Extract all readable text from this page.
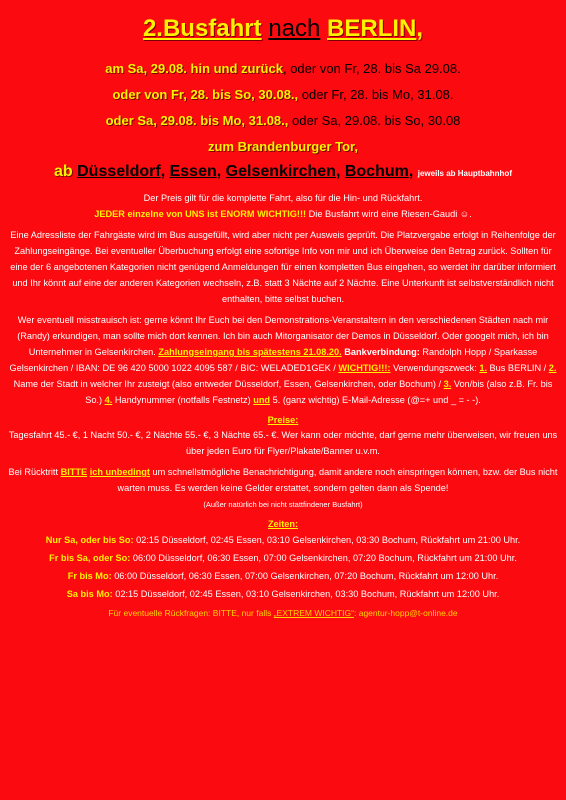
2.Busfahrt nach BERLIN,
am Sa, 29.08. hin und zurück, oder von Fr, 28. bis Sa 29.08.
oder von Fr, 28. bis So, 30.08., oder Fr, 28. bis Mo, 31.08.
oder Sa, 29.08. bis Mo, 31.08., oder Sa, 29.08. bis So, 30.08
zum Brandenburger Tor,
ab Düsseldorf, Essen, Gelsenkirchen, Bochum, jeweils ab Hauptbahnhof

Der Preis gilt für die komplette Fahrt, also für die Hin- und Rückfahrt.
JEDER einzelne von UNS ist ENORM WICHTIG!!! Die Busfahrt wird eine Riesen-Gaudi ☺.

Eine Adressliste der Fahrgäste wird im Bus ausgefüllt, wird aber nicht per Ausweis geprüft. Die Platzvergabe erfolgt in Reihenfolge der Zahlungseingänge. Bei eventueller Überbuchung erfolgt eine sofortige Info von mir und ich Überweise den Betrag zurück. Sollten für eine der 6 angebotenen Kategorien nicht genügend Anmeldungen für einen kompletten Bus eingehen, so werdet ihr darüber informiert und Ihr könnt auf eine der anderen Kategorien wechseln, z.B. statt 3 Nächte auf 2 Nächte. Eine Unterkunft ist selbstverständlich nicht enthalten, bitte selbst buchen.

Wer eventuell misstrauisch ist: gerne könnt Ihr Euch bei den Demonstrations-Veranstaltern in den verschiedenen Städten nach mir (Randy) erkundigen, man sollte mich dort kennen. Ich bin auch Mitorganisator der Demos in Düsseldorf. Oder googelt mich, ich bin Unternehmer in Gelsenkirchen. Zahlungseingang bis spätestens 21.08.20. Bankverbindung: Randolph Hopp / Sparkasse Gelsenkirchen / IBAN: DE 96 420 5000 1022 4095 587 / BIC: WELADED1GEK / WICHTIG!!!: Verwendungszweck: 1. Bus BERLIN / 2. Name der Stadt in welcher Ihr zusteigt (also entweder Düsseldorf, Essen, Gelsenkirchen, oder Bochum) / 3. Von/bis (also z.B. Fr. bis So.) 4. Handynummer (notfalls Festnetz) und 5. (ganz wichtig) E-Mail-Adresse (@=+ und _ = - -).

Preise:

Tagesfahrt 45.- €, 1 Nacht 50.- €, 2 Nächte 55.- €, 3 Nächte 65.- €. Wer kann oder möchte, darf gerne mehr überweisen, wir freuen uns über jeden Euro für Flyer/Plakate/Banner u.v.m.

Bei Rücktritt BITTE ich unbedingt um schnellstmögliche Benachrichtigung, damit andere noch einspringen können, bzw. der Bus nicht warten muss. Es werden keine Gelder erstattet, sondern gelten dann als Spende!
(Außer natürlich bei nicht stattfindener Busfahrt)

Zeiten:
Nur Sa, oder bis So: 02:15 Düsseldorf, 02:45 Essen, 03:10 Gelsenkirchen, 03:30 Bochum, Rückfahrt um 21:00 Uhr.
Fr bis Sa, oder So: 06:00 Düsseldorf, 06:30 Essen, 07:00 Gelsenkirchen, 07:20 Bochum, Rückfahrt um 21:00 Uhr.
Fr bis Mo: 06:00 Düsseldorf, 06:30 Essen, 07:00 Gelsenkirchen, 07:20 Bochum, Rückfahrt um 12:00 Uhr.
Sa bis Mo: 02:15 Düsseldorf, 02:45 Essen, 03:10 Gelsenkirchen, 03:30 Bochum, Rückfahrt um 12:00 Uhr.
Für eventuelle Rückfragen: BITTE, nur falls „EXTREM WICHTIG“: agentur-hopp@t-online.de
